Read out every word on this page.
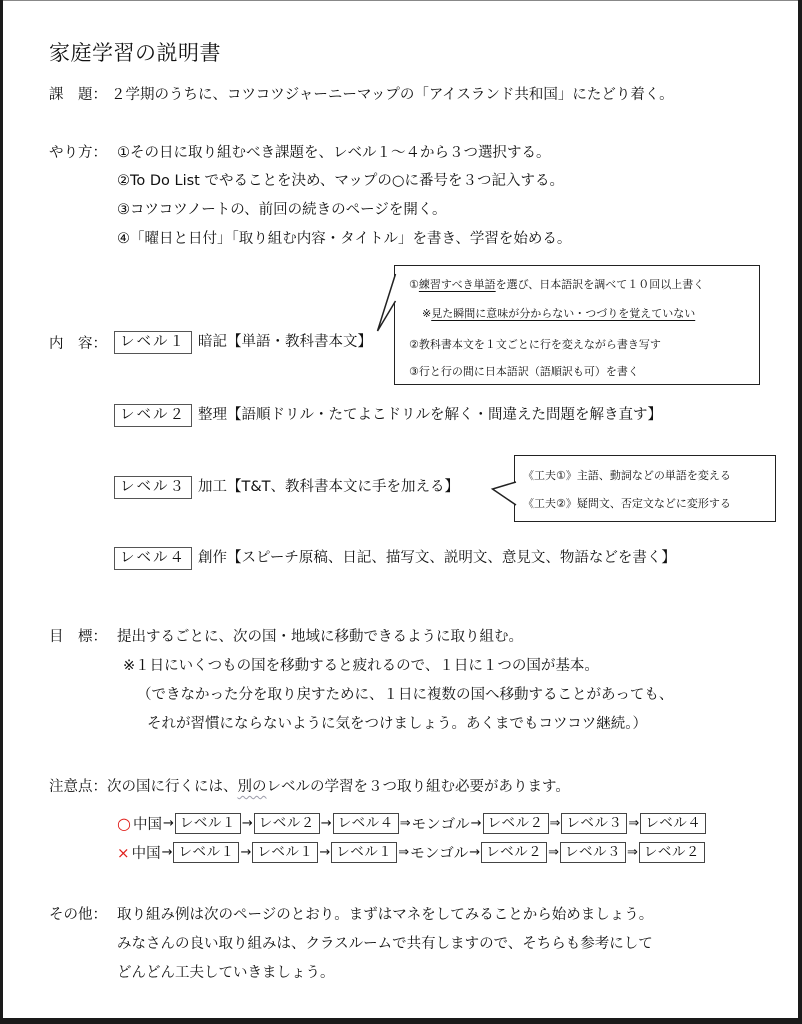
家庭学習の説明書
課　題： ２学期のうちに、コツコツジャーニーマップの「アイスランド共和国」にたどり着く。
やり方： ①その日に取り組むべき課題を、レベル１～４から３つ選択する。
②To Do List でやることを決め、マップの○に番号を３つ記入する。
③コツコツノートの、前回の続きのページを開く。
④「曜日と日付」「取り組む内容・タイトル」を書き、学習を始める。
内　容： レベル１ 暗記【単語・教科書本文】
①練習すべき単語を選び、日本語訳を調べて１０回以上書く
※見た瞬間に意味が分からない・つづりを覚えていない
②教科書本文を１文ごとに行を変えながら書き写す
③行と行の間に日本語訳（語順訳も可）を書く
レベル２ 整理【語順ドリル・たてよこドリルを解く・間違えた問題を解き直す】
レベル３ 加工【T&T、教科書本文に手を加える】
《工夫①》主語、動詞などの単語を変える
《工夫②》疑問文、否定文などに変形する
レベル４ 創作【スピーチ原稿、日記、描写文、説明文、意見文、物語などを書く】
目　標： 提出するごとに、次の国・地域に移動できるように取り組む。
※１日にいくつもの国を移動すると疲れるので、１日に１つの国が基本。
（できなかった分を取り戻すために、１日に複数の国へ移動することがあっても、
それが習慣にならないように気をつけましょう。あくまでもコツコツ継続。）
注意点：次の国に行くには、別のレベルの学習を３つ取り組む必要があります。
○ 中国 → レベル１ → レベル２ → レベル４ ⇒ モンゴル → レベル２ ⇒ レベル３ ⇒ レベル４
× 中国 → レベル１ → レベル１ → レベル１ ⇒ モンゴル → レベル２ ⇒ レベル３ ⇒ レベル２
その他： 取り組み例は次のページのとおり。まずはマネをしてみることから始めましょう。
みなさんの良い取り組みは、クラスルームで共有しますので、そちらも参考にして
どんどん工夫していきましょう。
